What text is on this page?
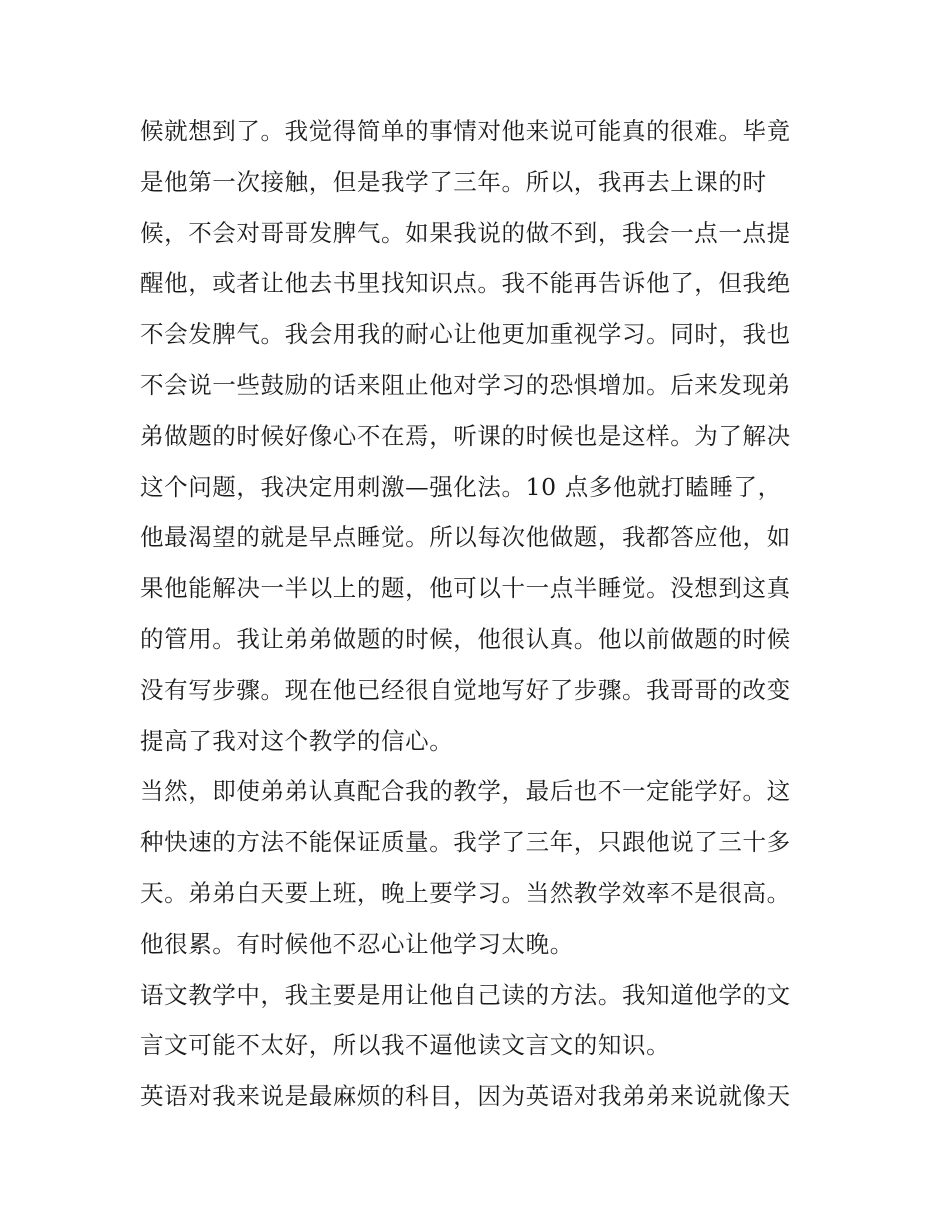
候就想到了。我觉得简单的事情对他来说可能真的很难。毕竟
是他第一次接触，但是我学了三年。所以，我再去上课的时
候，不会对哥哥发脾气。如果我说的做不到，我会一点一点提
醒他，或者让他去书里找知识点。我不能再告诉他了，但我绝
不会发脾气。我会用我的耐心让他更加重视学习。同时，我也
不会说一些鼓励的话来阻止他对学习的恐惧增加。后来发现弟
弟做题的时候好像心不在焉，听课的时候也是这样。为了解决
这个问题，我决定用刺激—强化法。10 点多他就打瞌睡了，
他最渴望的就是早点睡觉。所以每次他做题，我都答应他，如
果他能解决一半以上的题，他可以十一点半睡觉。没想到这真
的管用。我让弟弟做题的时候，他很认真。他以前做题的时候
没有写步骤。现在他已经很自觉地写好了步骤。我哥哥的改变
提高了我对这个教学的信心。
当然，即使弟弟认真配合我的教学，最后也不一定能学好。这
种快速的方法不能保证质量。我学了三年，只跟他说了三十多
天。弟弟白天要上班，晚上要学习。当然教学效率不是很高。
他很累。有时候他不忍心让他学习太晚。
语文教学中，我主要是用让他自己读的方法。我知道他学的文
言文可能不太好，所以我不逼他读文言文的知识。
英语对我来说是最麻烦的科目，因为英语对我弟弟来说就像天
